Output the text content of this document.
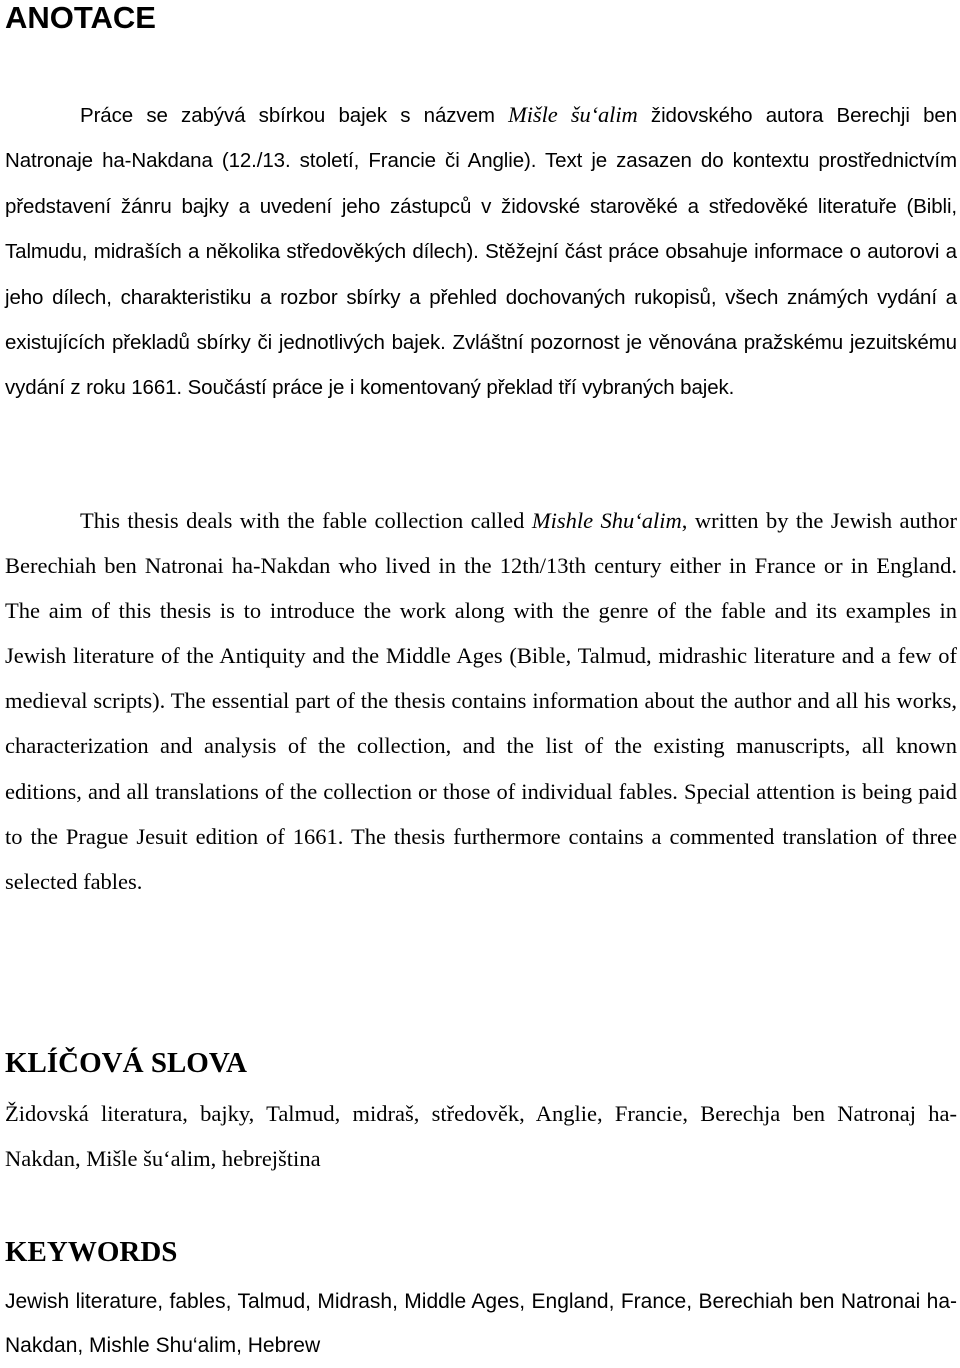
ANOTACE

Práce se zabývá sbírkou bajek s názvem Mišle šu‘alim židovského autora Berechji ben Natronaje ha-Nakdana (12./13. století, Francie či Anglie). Text je zasazen do kontextu prostřednictvím představení žánru bajky a uvedení jeho zástupců v židovské starověké a středověké literatuře (Bibli, Talmudu, midraších a několika středověkých dílech). Stěžejní část práce obsahuje informace o autorovi a jeho dílech, charakteristiku a rozbor sbírky a přehled dochovaných rukopisů, všech známých vydání a existujících překladů sbírky či jednotlivých bajek. Zvláštní pozornost je věnována pražskému jezuitskému vydání z roku 1661. Součástí práce je i komentovaný překlad tří vybraných bajek.

This thesis deals with the fable collection called Mishle Shu‘alim, written by the Jewish author Berechiah ben Natronai ha-Nakdan who lived in the 12th/13th century either in France or in England. The aim of this thesis is to introduce the work along with the genre of the fable and its examples in Jewish literature of the Antiquity and the Middle Ages (Bible, Talmud, midrashic literature and a few of medieval scripts). The essential part of the thesis contains information about the author and all his works, characterization and analysis of the collection, and the list of the existing manuscripts, all known editions, and all translations of the collection or those of individual fables. Special attention is being paid to the Prague Jesuit edition of 1661. The thesis furthermore contains a commented translation of three selected fables.

KLÍČOVÁ SLOVA

Židovská literatura, bajky, Talmud, midraš, středověk, Anglie, Francie, Berechja ben Natronaj ha-Nakdan, Mišle šu‘alim, hebrejština

KEYWORDS

Jewish literature, fables, Talmud, Midrash, Middle Ages, England, France, Berechiah ben Natronai ha-Nakdan, Mishle Shu‘alim, Hebrew
